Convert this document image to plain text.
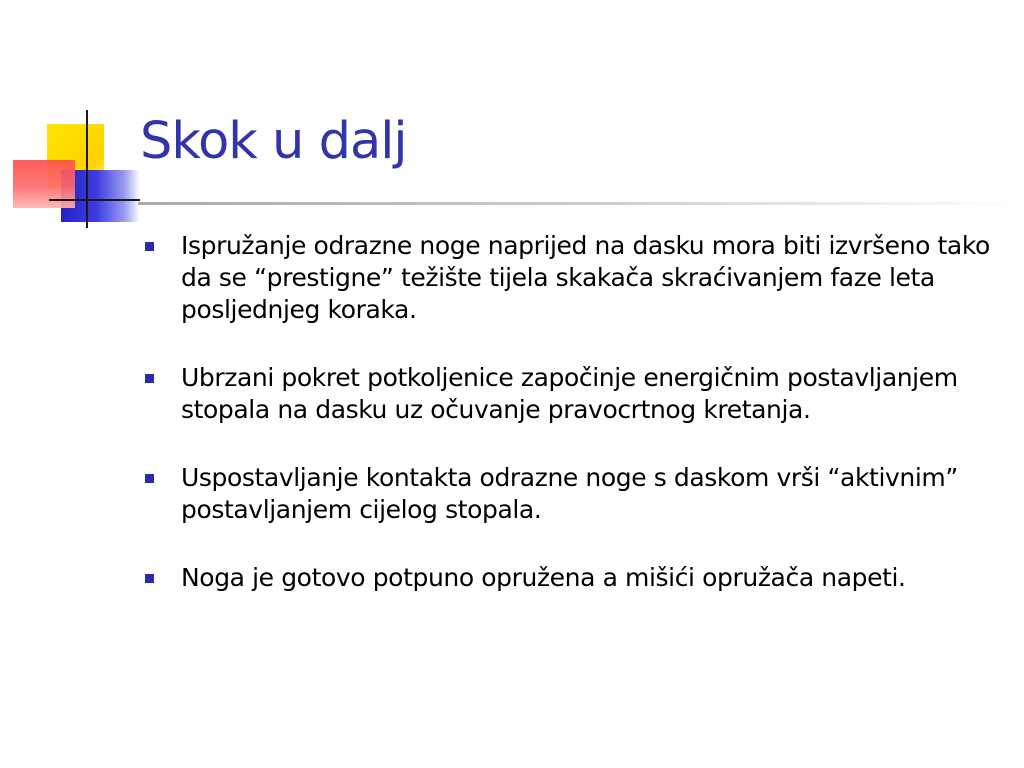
Skok u dalj
Ispružanje odrazne noge naprijed na dasku mora biti izvršeno tako da se “prestigne” težište tijela skakača skraćivanjem faze leta posljednjeg koraka.
Ubrzani pokret potkoljenice započinje energičnim postavljanjem stopala na dasku uz očuvanje pravocrtnog kretanja.
Uspostavljanje kontakta odrazne noge s daskom vrši “aktivnim” postavljanjem cijelog stopala.
Noga je gotovo potpuno opružena a mišići opružača napeti.
